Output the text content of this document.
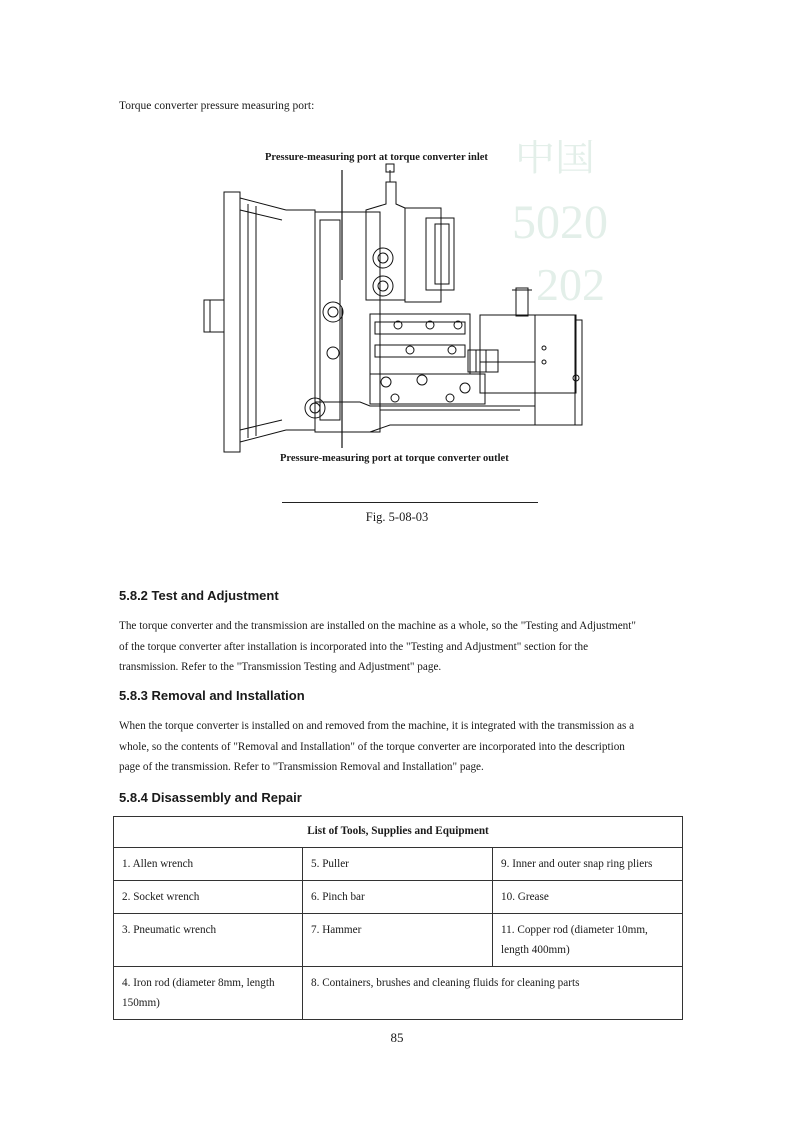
Torque converter pressure measuring port:
中国
5020
202
Pressure-measuring port at torque converter inlet
Pressure-measuring port at torque converter outlet
Fig. 5-08-03
5.8.2 Test and Adjustment
The torque converter and the transmission are installed on the machine as a whole, so the "Testing and Adjustment"
of the torque converter after installation is incorporated into the "Testing and Adjustment" section for the
transmission. Refer to the "Transmission Testing and Adjustment" page.
5.8.3 Removal and Installation
When the torque converter is installed on and removed from the machine, it is integrated with the transmission as a
whole, so the contents of "Removal and Installation" of the torque converter are incorporated into the description
page of the transmission. Refer to "Transmission Removal and Installation" page.
5.8.4 Disassembly and Repair
List of Tools, Supplies and Equipment		
1. Allen wrench	5. Puller	9. Inner and outer snap ring pliers
2. Socket wrench	6. Pinch bar	10. Grease
3. Pneumatic wrench	7. Hammer	11. Copper rod (diameter 10mm, length 400mm)
4. Iron rod (diameter 8mm, length 150mm)	8. Containers, brushes and cleaning fluids for cleaning parts	
85
